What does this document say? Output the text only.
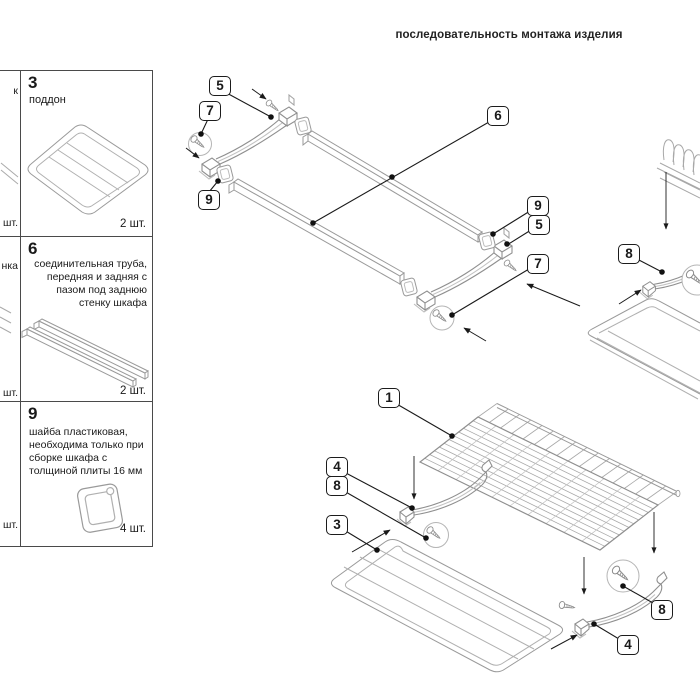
последовательность монтажа изделия
к
шт.
нка
шт.
шт.
3
поддон
2 шт.
6
соединительная труба, передняя и задняя с пазом под заднюю стенку шкафа
2 шт.
9
шайба пластиковая, необходима только при сборке шкафа с толщиной плиты 16 мм
4 шт.
5
7
9
6
9
5
7
8
1
4
8
3
8
4
